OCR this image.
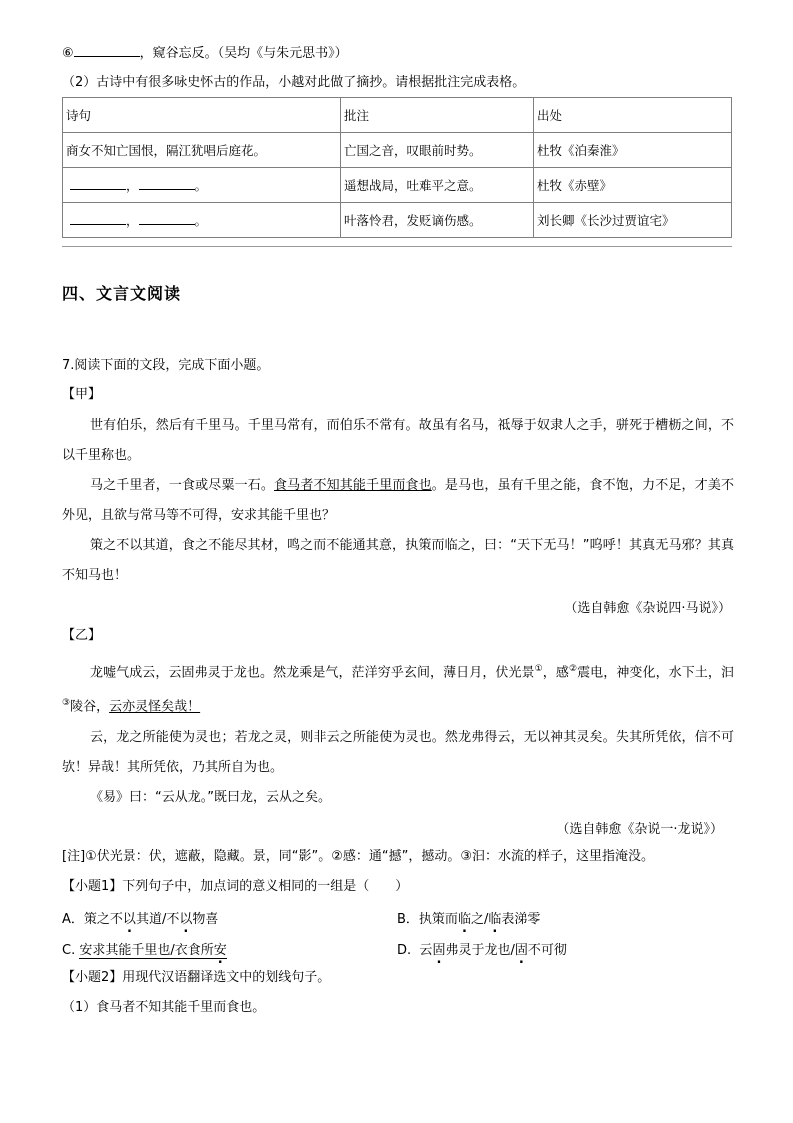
⑥	，窥谷忘反。（吴均《与朱元思书》）
（2）古诗中有很多咏史怀古的作品，小越对此做了摘抄。请根据批注完成表格。
诗句	批注	出处
商女不知亡国恨，隔江犹唱后庭花。	亡国之音，叹眼前时势。	杜牧《泊秦淮》
， 。	遥想战局，吐难平之意。	杜牧《赤壁》
， 。	叶落怜君，发贬谪伤感。	刘长卿《长沙过贾谊宅》
四、文言文阅读
7.阅读下面的文段，完成下面小题。
【甲】
世有伯乐，然后有千里马。千里马常有，而伯乐不常有。故虽有名马，祗辱于奴隶人之手，骈死于槽枥之间，不以千里称也。
马之千里者，一食或尽粟一石。食马者不知其能千里而食也。是马也，虽有千里之能，食不饱，力不足，才美不外见，且欲与常马等不可得，安求其能千里也？
策之不以其道，食之不能尽其材，鸣之而不能通其意，执策而临之，曰：“天下无马！”呜呼！其真无马邪？其真不知马也！
（选自韩愈《杂说四·马说》）
【乙】
龙嘘气成云，云固弗灵于龙也。然龙乘是气，茫洋穷乎玄间，薄日月，伏光景①，感②震电，神变化，水下土，汩③陵谷，云亦灵怪矣哉！
云，龙之所能使为灵也；若龙之灵，则非云之所能使为灵也。然龙弗得云，无以神其灵矣。失其所凭依，信不可欤！异哉！其所凭依，乃其所自为也。
《易》曰：“云从龙。”既曰龙，云从之矣。
（选自韩愈《杂说一·龙说》）
[注]①伏光景：伏，遮蔽，隐藏。景，同“影”。②感：通“撼”，撼动。③汩：水流的样子，这里指淹没。
【小题1】下列句子中，加点词的意义相同的一组是（　　）
A．策之不以其道/不以物喜	B．执策而临之/临表涕零
C. 安求其能千里也/衣食所安	D. 云固弗灵于龙也/固不可彻
【小题2】用现代汉语翻译选文中的划线句子。
（1）食马者不知其能千里而食也。
